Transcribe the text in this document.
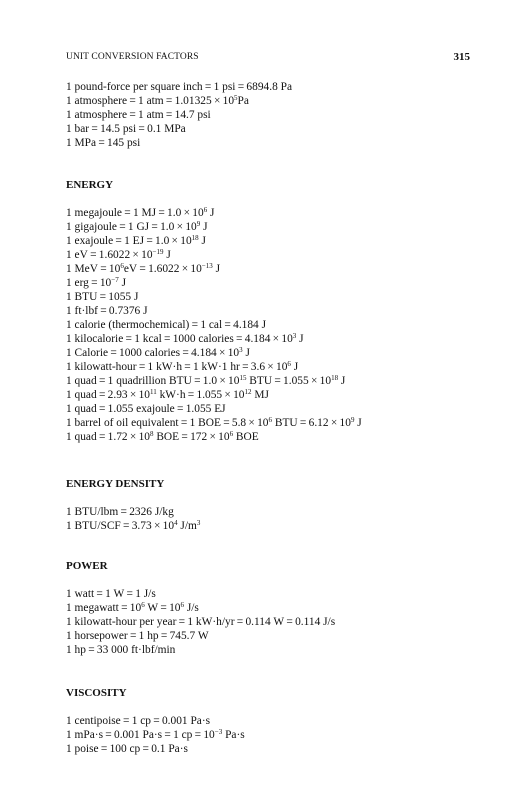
UNIT CONVERSION FACTORS	315
1 pound-force per square inch = 1 psi = 6894.8 Pa
1 atmosphere = 1 atm = $1.01325 \times 10^5Pa$
1 atmosphere = 1 atm = 14.7 psi
1 bar = 14.5 psi = 0.1 MPa
1 MPa = 145 psi
ENERGY
1 megajoule = 1 MJ = $1.0 \times 10^6$ J
1 gigajoule = 1 GJ = $1.0 \times 10^9$ J
1 exajoule = 1 EJ = $1.0 \times 10^{18}$ J
1 eV = $1.6022 \times 10^{-19}$ J
1 MeV = $10^6eV = 1.6022 \times 10^{-13}$ J
1 erg = $10^{-7}$ J
1 BTU = 1055 J
1 ft·lbf = 0.7376 J
1 calorie (thermochemical) = 1 cal = 4.184 J
1 kilocalorie = 1 kcal = 1000 calories = $4.184 \times 10^3$ J
1 Calorie = 1000 calories = $4.184 \times 10^3$ J
1 kilowatt-hour = 1 kW·h = 1 kW·1 hr = $3.6 \times 10^6$ J
1 quad = 1 quadrillion BTU = $1.0 \times 10^{15}$ BTU = $1.055 \times 10^{18}$ J
1 quad = $2.93 \times 10^{11}$ $kW\cdot h = 1.055 \times 10^{12}$ MJ
1 quad = 1.055 exajoule = 1.055 EJ
1 barrel of oil equivalent = 1 BOE = $5.8 \times 10^6$ BTU = $6.12 \times 10^9$ J
1 quad = $1.72 \times 10^8$ BOE = $172 \times 10^6$ BOE
ENERGY DENSITY
1 BTU/lbm = 2326 J/kg
1 $BTU/SCF = 3.73 \times 10^4$ $J/m^3$
POWER
1 watt = 1 W = 1 J/s
1 megawatt = $10^6$ $W = 10^6$ J/s
1 kilowatt-hour per year = 1 kW·h/yr = 0.114 W = 0.114 J/s
1 horsepower = 1 hp = 745.7 W
1 hp = 33 000 ft·lbf/min
VISCOSITY
1 centipoise = 1 cp = 0.001 Pa·s
1 mPa·s = 0.001 Pa·s = 1 cp = $10^{-3}$ Pa·s
1 poise = 100 cp = 0.1 Pa·s
